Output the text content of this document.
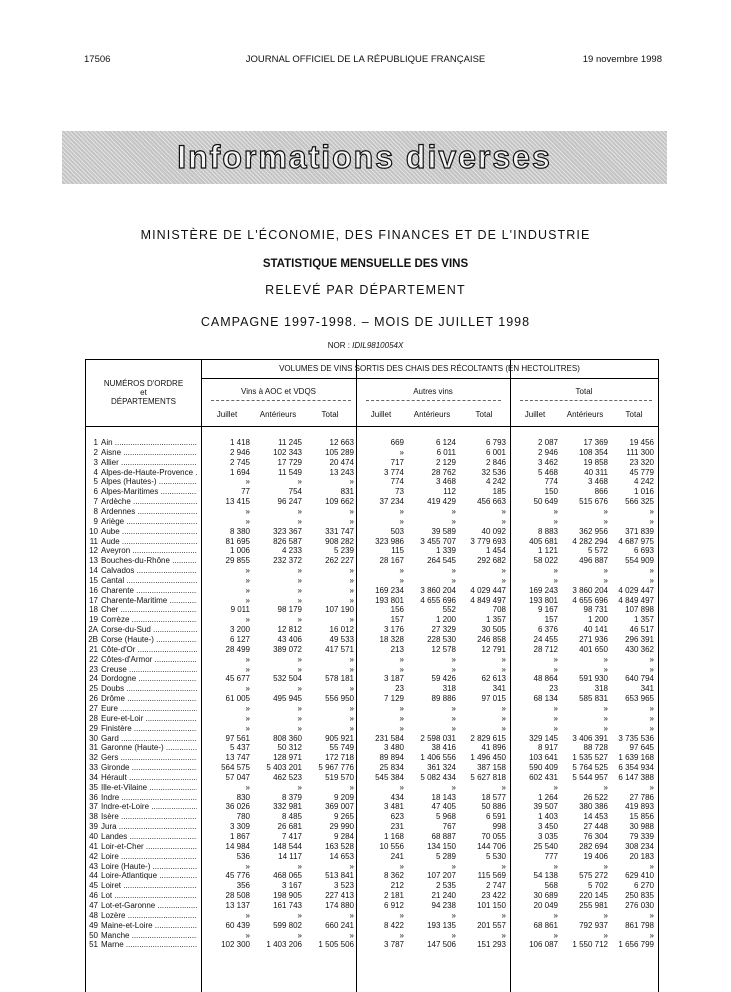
17506	JOURNAL OFFICIEL DE LA RÉPUBLIQUE FRANÇAISE	19 novembre 1998
Informations diverses
MINISTÈRE DE L'ÉCONOMIE, DES FINANCES ET DE L'INDUSTRIE
STATISTIQUE MENSUELLE DES VINS
RELEVÉ PAR DÉPARTEMENT
CAMPAGNE 1997-1998. – MOIS DE JUILLET 1998
NOR : IDIL9810054X
NUMÉROS D'ORDRE
et
DÉPARTEMENTS
VOLUMES DE VINS SORTIS DES CHAIS DES RÉCOLTANTS (EN HECTOLITRES)
Vins à AOC et VDQS	Autres vins	Total
Juillet	Antérieurs	Total	Juillet	Antérieurs	Total	Juillet	Antérieurs	Total
1 Ain .....	1 418	11 245	12 663	669	6 124	6 793	2 087	17 369	19 456
2 Aisne .....	2 946	102 343	105 289	»	6 011	6 001	2 946	108 354	111 300
3 Allier .....	2 745	17 729	20 474	717	2 129	2 846	3 462	19 858	23 320
4 Alpes-de-Haute-Provence .....	1 694	11 549	13 243	3 774	28 762	32 536	5 468	40 311	45 779
5 Alpes (Hautes-) .....	»	»	»	774	3 468	4 242	774	3 468	4 242
6 Alpes-Maritimes .....	77	754	831	73	112	185	150	866	1 016
7 Ardèche .....	13 415	96 247	109 662	37 234	419 429	456 663	50 649	515 676	566 325
8 Ardennes .....	»	»	»	»	»	»	»	»	»
9 Ariège .....	»	»	»	»	»	»	»	»	»
10 Aube .....	8 380	323 367	331 747	503	39 589	40 092	8 883	362 956	371 839
11 Aude .....	81 695	826 587	908 282	323 986	3 455 707	3 779 693	405 681	4 282 294	4 687 975
12 Aveyron .....	1 006	4 233	5 239	115	1 339	1 454	1 121	5 572	6 693
13 Bouches-du-Rhône .....	29 855	232 372	262 227	28 167	264 545	292 682	58 022	496 887	554 909
14 Calvados .....	»	»	»	»	»	»	»	»	»
15 Cantal .....	»	»	»	»	»	»	»	»	»
16 Charente .....	»	»	»	169 234	3 860 204	4 029 447	169 243	3 860 204	4 029 447
17 Charente-Maritime .....	»	»	»	193 801	4 655 696	4 849 497	193 801	4 655 696	4 849 497
18 Cher .....	9 011	98 179	107 190	156	552	708	9 167	98 731	107 898
19 Corrèze .....	»	»	»	157	1 200	1 357	157	1 200	1 357
2A Corse-du-Sud .....	3 200	12 812	16 012	3 176	27 329	30 505	6 376	40 141	46 517
2B Corse (Haute-) .....	6 127	43 406	49 533	18 328	228 530	246 858	24 455	271 936	296 391
21 Côte-d'Or .....	28 499	389 072	417 571	213	12 578	12 791	28 712	401 650	430 362
22 Côtes-d'Armor .....	»	»	»	»	»	»	»	»	»
23 Creuse .....	»	»	»	»	»	»	»	»	»
24 Dordogne .....	45 677	532 504	578 181	3 187	59 426	62 613	48 864	591 930	640 794
25 Doubs .....	»	»	»	23	318	341	23	318	341
26 Drôme .....	61 005	495 945	556 950	7 129	89 886	97 015	68 134	585 831	653 965
27 Eure .....	»	»	»	»	»	»	»	»	»
28 Eure-et-Loir .....	»	»	»	»	»	»	»	»	»
29 Finistère .....	»	»	»	»	»	»	»	»	»
30 Gard .....	97 561	808 360	905 921	231 584	2 598 031	2 829 615	329 145	3 406 391	3 735 536
31 Garonne (Haute-) .....	5 437	50 312	55 749	3 480	38 416	41 896	8 917	88 728	97 645
32 Gers .....	13 747	128 971	172 718	89 894	1 406 556	1 496 450	103 641	1 535 527	1 639 168
33 Gironde .....	564 575	5 403 201	5 967 776	25 834	361 324	387 158	590 409	5 764 525	6 354 934
34 Hérault .....	57 047	462 523	519 570	545 384	5 082 434	5 627 818	602 431	5 544 957	6 147 388
35 Ille-et-Vilaine .....	»	»	»	»	»	»	»	»	»
36 Indre .....	830	8 379	9 209	434	18 143	18 577	1 264	26 522	27 786
37 Indre-et-Loire .....	36 026	332 981	369 007	3 481	47 405	50 886	39 507	380 386	419 893
38 Isère .....	780	8 485	9 265	623	5 968	6 591	1 403	14 453	15 856
39 Jura .....	3 309	26 681	29 990	231	767	998	3 450	27 448	30 988
40 Landes .....	1 867	7 417	9 284	1 168	68 887	70 055	3 035	76 304	79 339
41 Loir-et-Cher .....	14 984	148 544	163 528	10 556	134 150	144 706	25 540	282 694	308 234
42 Loire .....	536	14 117	14 653	241	5 289	5 530	777	19 406	20 183
43 Loire (Haute-) .....	»	»	»	»	»	»	»	»	»
44 Loire-Atlantique .....	45 776	468 065	513 841	8 362	107 207	115 569	54 138	575 272	629 410
45 Loiret .....	356	3 167	3 523	212	2 535	2 747	568	5 702	6 270
46 Lot .....	28 508	198 905	227 413	2 181	21 240	23 422	30 689	220 145	250 835
47 Lot-et-Garonne .....	13 137	161 743	174 880	6 912	94 238	101 150	20 049	255 981	276 030
48 Lozère .....	»	»	»	»	»	»	»	»	»
49 Maine-et-Loire .....	60 439	599 802	660 241	8 422	193 135	201 557	68 861	792 937	861 798
50 Manche .....	»	»	»	»	»	»	»	»	»
51 Marne .....	102 300	1 403 206	1 505 506	3 787	147 506	151 293	106 087	1 550 712	1 656 799
